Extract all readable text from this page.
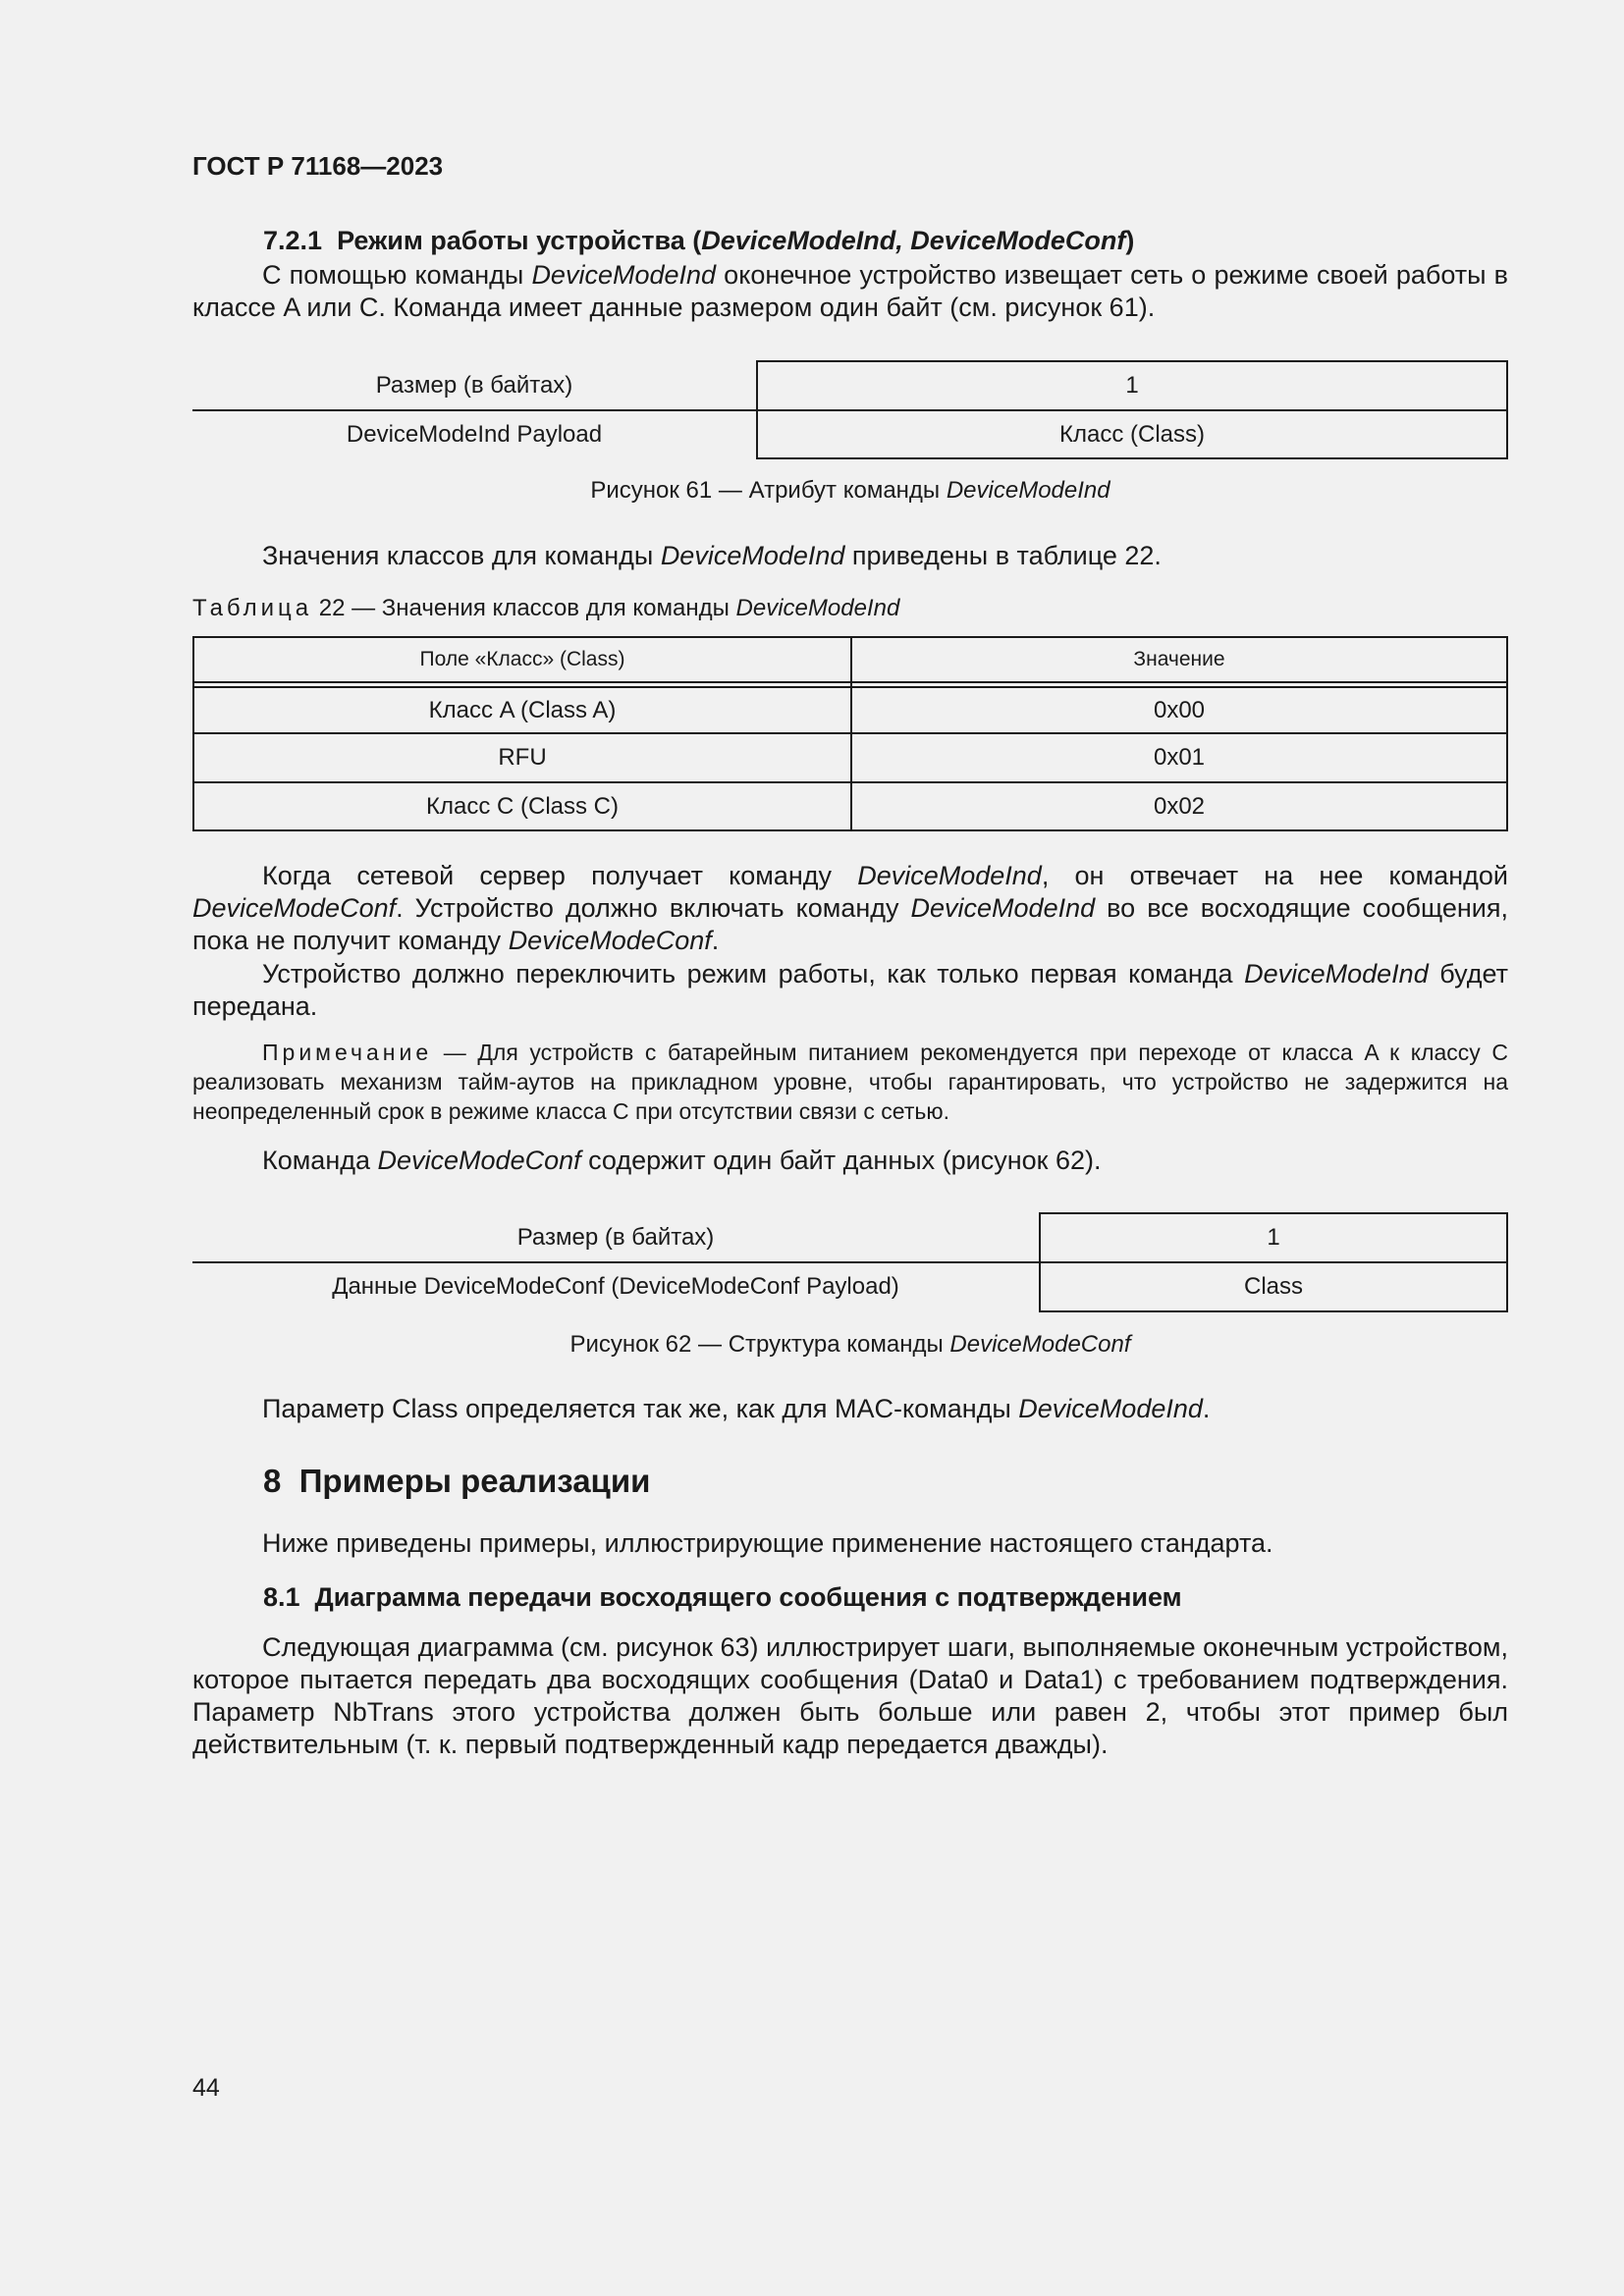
ГОСТ Р 71168—2023
7.2.1 Режим работы устройства (DeviceModeInd, DeviceModeConf)
С помощью команды DeviceModeInd оконечное устройство извещает сеть о режиме своей работы в классе A или C. Команда имеет данные размером один байт (см. рисунок 61).
Размер (в байтах)	1
DeviceModeInd Payload	Класс (Class)
Рисунок 61 — Атрибут команды DeviceModeInd
Значения классов для команды DeviceModeInd приведены в таблице 22.
Таблица 22 — Значения классов для команды DeviceModeInd
Поле «Класс» (Class)	Значение
Класс A (Class A)	0x00
RFU	0x01
Класс C (Class C)	0x02
Когда сетевой сервер получает команду DeviceModeInd, он отвечает на нее командой DeviceModeConf. Устройство должно включать команду DeviceModeInd во все восходящие сообщения, пока не получит команду DeviceModeConf.
Устройство должно переключить режим работы, как только первая команда DeviceModeInd будет передана.
Примечание — Для устройств с батарейным питанием рекомендуется при переходе от класса A к классу C реализовать механизм тайм-аутов на прикладном уровне, чтобы гарантировать, что устройство не задержится на неопределенный срок в режиме класса C при отсутствии связи с сетью.
Команда DeviceModeConf содержит один байт данных (рисунок 62).
Размер (в байтах)	1
Данные DeviceModeConf (DeviceModeConf Payload)	Class
Рисунок 62 — Структура команды DeviceModeConf
Параметр Class определяется так же, как для MAC-команды DeviceModeInd.
8  Примеры реализации
Ниже приведены примеры, иллюстрирующие применение настоящего стандарта.
8.1  Диаграмма передачи восходящего сообщения с подтверждением
Следующая диаграмма (см. рисунок 63) иллюстрирует шаги, выполняемые оконечным устройством, которое пытается передать два восходящих сообщения (Data0 и Data1) с требованием подтверждения. Параметр NbTrans этого устройства должен быть больше или равен 2, чтобы этот пример был действительным (т. к. первый подтвержденный кадр передается дважды).
44
